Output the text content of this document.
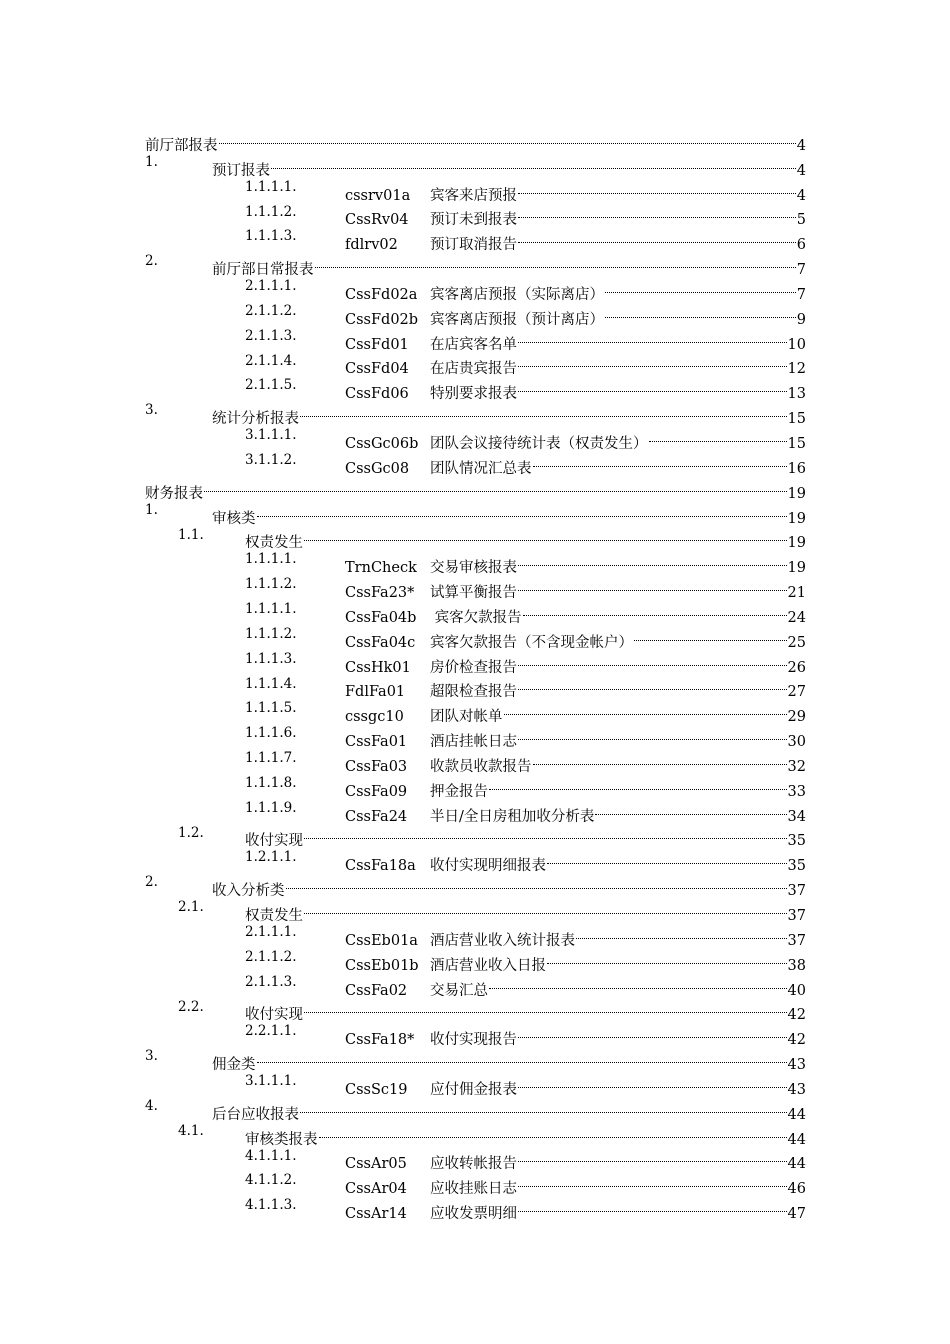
前厅部报表	4
1.
预订报表	4
1.1.1.1.
cssrv01a	宾客来店预报	4
1.1.1.2.
CssRv04	预订未到报表	5
1.1.1.3.
fdlrv02	预订取消报告	6
2.
前厅部日常报表	7
2.1.1.1.
CssFd02a 宾客离店预报（实际离店）	7
2.1.1.2.
CssFd02b 宾客离店预报（预计离店）	9
2.1.1.3.
CssFd01	在店宾客名单	10
2.1.1.4.
CssFd04	在店贵宾报告	12
2.1.1.5.
CssFd06	特别要求报表	13
3.
统计分析报表	15
3.1.1.1.
CssGc06b 团队会议接待统计表（权责发生）	15
3.1.1.2.
CssGc08	团队情况汇总表	16
财务报表	19
1.
审核类	19
1.1.
权责发生	19
1.1.1.1.
TrnCheck 交易审核报表	19
1.1.1.2.
CssFa23*	试算平衡报告	21
1.1.1.1.
CssFa04b 宾客欠款报告	24
1.1.1.2.
CssFa04c	宾客欠款报告（不含现金帐户）	25
1.1.1.3.
CssHk01	房价检查报告	26
1.1.1.4.
FdlFa01	超限检查报告	27
1.1.1.5.
cssgc10	团队对帐单	29
1.1.1.6.
CssFa01	酒店挂帐日志	30
1.1.1.7.
CssFa03	收款员收款报告	32
1.1.1.8.
CssFa09	押金报告	33
1.1.1.9.
CssFa24	半日/全日房租加收分析表	34
1.2.
收付实现	35
1.2.1.1.
CssFa18a 收付实现明细报表	35
2.
收入分析类	37
2.1.
权责发生	37
2.1.1.1.
CssEb01a 酒店营业收入统计报表	37
2.1.1.2.
CssEb01b 酒店营业收入日报	38
2.1.1.3.
CssFa02	交易汇总	40
2.2.
收付实现	42
2.2.1.1.
CssFa18*	收付实现报告	42
3.
佣金类	43
3.1.1.1.
CssSc19	应付佣金报表	43
4.
后台应收报表	44
4.1.
审核类报表	44
4.1.1.1.
CssAr05	应收转帐报告	44
4.1.1.2.
CssAr04	应收挂账日志	46
4.1.1.3.
CssAr14	应收发票明细	47
